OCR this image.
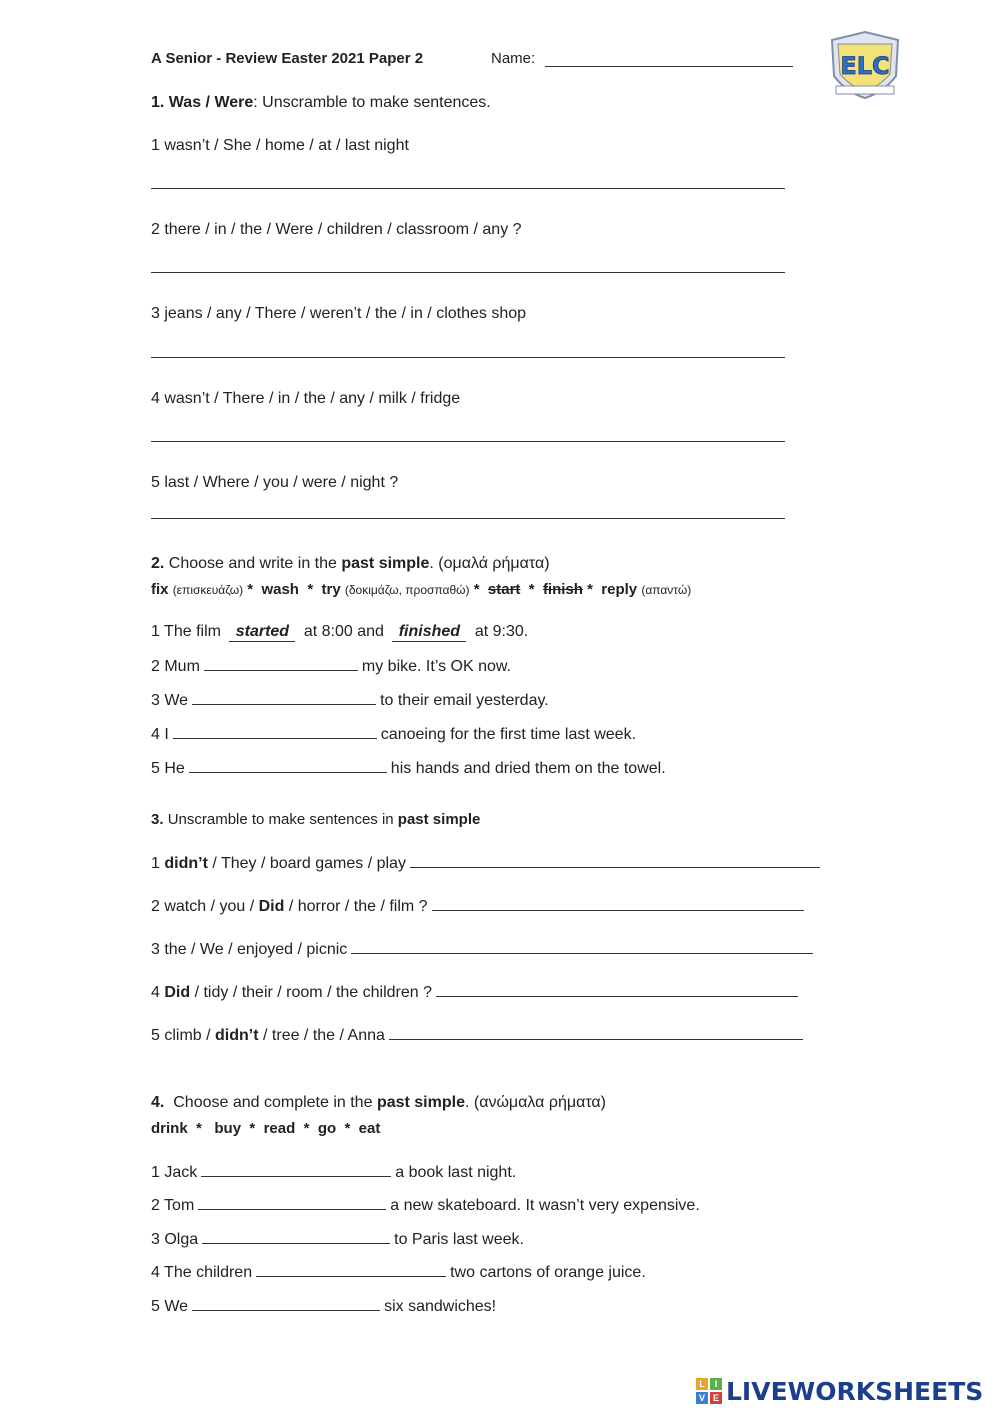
A Senior - Review Easter 2021 Paper 2	Name:	ELC
1. Was / Were: Unscramble to make sentences.
1 wasn’t / She / home / at / last night
2 there / in / the / Were / children / classroom / any ?
3 jeans / any / There / weren’t / the / in / clothes shop
4 wasn’t / There / in / the / any / milk / fridge
5 last / Where / you / were / night ?
2. Choose and write in the past simple. (ομαλά ρήματα)
fix (επισκευάζω) * wash * try (δοκιμάζω, προσπαθώ) * start * finish * reply (απαντώ)
1 The film started at 8:00 and finished at 9:30.
2 Mum	my bike. It’s OK now.
3 We	to their email yesterday.
4 I	canoeing for the first time last week.
5 He	his hands and dried them on the towel.
3. Unscramble to make sentences in past simple
1 didn’t / They / board games / play
2 watch / you / Did / horror / the / film ?
3 the / We / enjoyed / picnic
4 Did / tidy / their / room / the children ?
5 climb / didn’t / tree / the / Anna
4. Choose and complete in the past simple. (ανώμαλα ρήματα)
drink * buy * read * go * eat
1 Jack	a book last night.
2 Tom	a new skateboard. It wasn’t very expensive.
3 Olga	to Paris last week.
4 The children	two cartons of orange juice.
5 We	six sandwiches!
L	I
V E LIVEWORKSHEETS
